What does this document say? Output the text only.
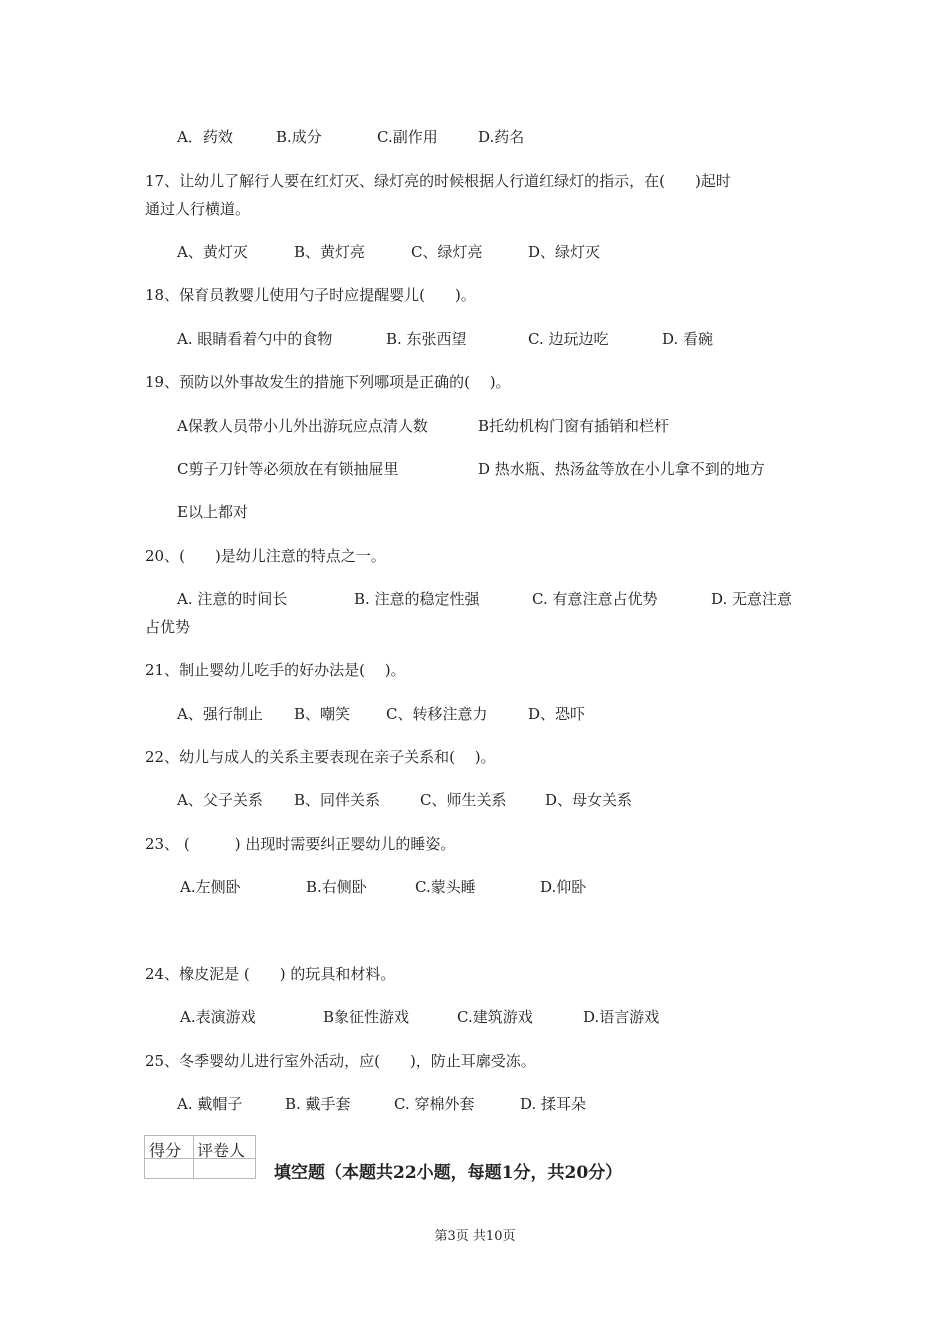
A．药效	B.成分	C.副作用	D.药名
17、让幼儿了解行人要在红灯灭、绿灯亮的时候根据人行道红绿灯的指示，在(　　)起时
通过人行横道。
A、黄灯灭	B、黄灯亮	C、绿灯亮	D、绿灯灭
18、保育员教婴儿使用勺子时应提醒婴儿(　　)。
A. 眼睛看着勺中的食物	B. 东张西望	C. 边玩边吃	D. 看碗
19、预防以外事故发生的措施下列哪项是正确的(　 )。
A保教人员带小儿外出游玩应点清人数	B托幼机构门窗有插销和栏杆
C剪子刀针等必须放在有锁抽屉里	D 热水瓶、热汤盆等放在小儿拿不到的地方
E以上都对
20、(　　)是幼儿注意的特点之一。
A. 注意的时间长	B. 注意的稳定性强	C. 有意注意占优势	D. 无意注意
占优势
21、制止婴幼儿吃手的好办法是(　 )。
A、强行制止 B、嘲笑 C、转移注意力	D、恐吓
22、幼儿与成人的关系主要表现在亲子关系和(　 )。
A、父子关系 B、同伴关系	C、师生关系	D、母女关系
23、 (　　　) 出现时需要纠正婴幼儿的睡姿。
A.左侧卧	B.右侧卧	C.蒙头睡	D.仰卧
24、橡皮泥是 (　　) 的玩具和材料。
A.表演游戏	B象征性游戏	C.建筑游戏	D.语言游戏
25、冬季婴幼儿进行室外活动，应(　　)，防止耳廓受冻。
A. 戴帽子	B. 戴手套	C. 穿棉外套	D. 揉耳朵
得分 评卷人
填空题（本题共22小题，每题1分，共20分）
第3页 共10页
